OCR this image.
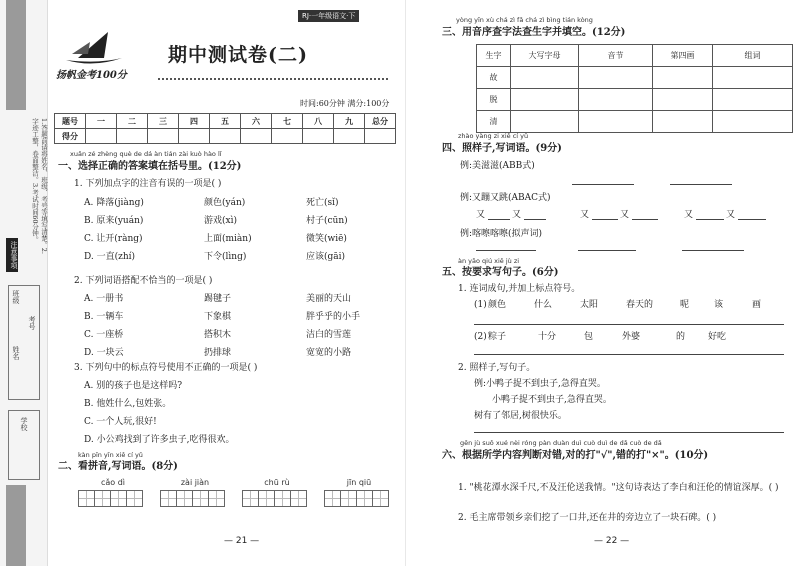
1.答题前请将姓名、班级、考号等填写清楚。2.字迹工整，卷面整洁。3.考试时间60分钟。
注意事项
班级
姓名
考号
学校
RJ·一年级语文·下
扬帆金考100分
期中测试卷(二)
时间:60分钟 满分:100分
题号	一	二	三	四	五	六	七	八	九	总分
得分										
xuǎn zé zhèng què de dá àn tián zài kuò hào lǐ
一、选择正确的答案填在括号里。(12分)
1. 下列加点字的注音有误的一项是( )
A. 降落(jiàng)	颜色(yán)	死亡(sǐ)
B. 原来(yuán)	游戏(xì)	村子(cūn)
C. 让开(ràng)	上面(miàn)	微笑(wiē)
D. 一直(zhí)	下令(lìng)	应该(gāi)
2. 下列词语搭配不恰当的一项是( )
A. 一册书	踢毽子	美丽的天山
B. 一辆车	下象棋	胖乎乎的小手
C. 一座桥	搭积木	洁白的雪莲
D. 一块云	扔排球	宽宽的小路
3. 下列句中的标点符号使用不正确的一项是( )
A. 别的孩子也是这样吗?
B. 他姓什么,包姓张。
C. 一个人玩,很好!
D. 小公鸡找到了许多虫子,吃得很欢。
kàn pīn yīn xiě cí yǔ
二、看拼音,写词语。(8分)
cǎo dì	zài jiàn	chū rù	jīn qiū
— 21 —
yòng yīn xù chá zì fǎ chá zì bìng tián kòng
三、用音序查字法查生字并填空。(12分)
生字	大写字母	音节	第四画	组词
故				
脱				
清				
zhào yàng zi xiě cí yǔ
四、照样子,写词语。(9分)
例:美滋滋(ABB式)
例:又蹦又跳(ABAC式)
又	又	又	又	又	又
例:喀嚓喀嚓(拟声词)
àn yāo qiú xiě jù zi
五、按要求写句子。(6分)
1. 连词成句,并加上标点符号。
(1) 颜色	什么	太阳	春天的	呢	该	画
(2) 粽子	十分	包	外婆	的	好吃
2. 照样子,写句子。
例:小鸭子捉不到虫子,急得直哭。
小鸭子捉不到虫子,急得直哭。
树有了邻居,树很快乐。
gēn jù suǒ xué nèi róng pàn duàn duì cuò duì de dǎ cuò de dǎ
六、根据所学内容判断对错,对的打"√",错的打"×"。(10分)
1. "桃花潭水深千尺,不及汪伦送我情。"这句诗表达了李白和汪伦的情谊深厚。( )
2. 毛主席带领乡亲们挖了一口井,还在井的旁边立了一块石碑。( )
— 22 —
